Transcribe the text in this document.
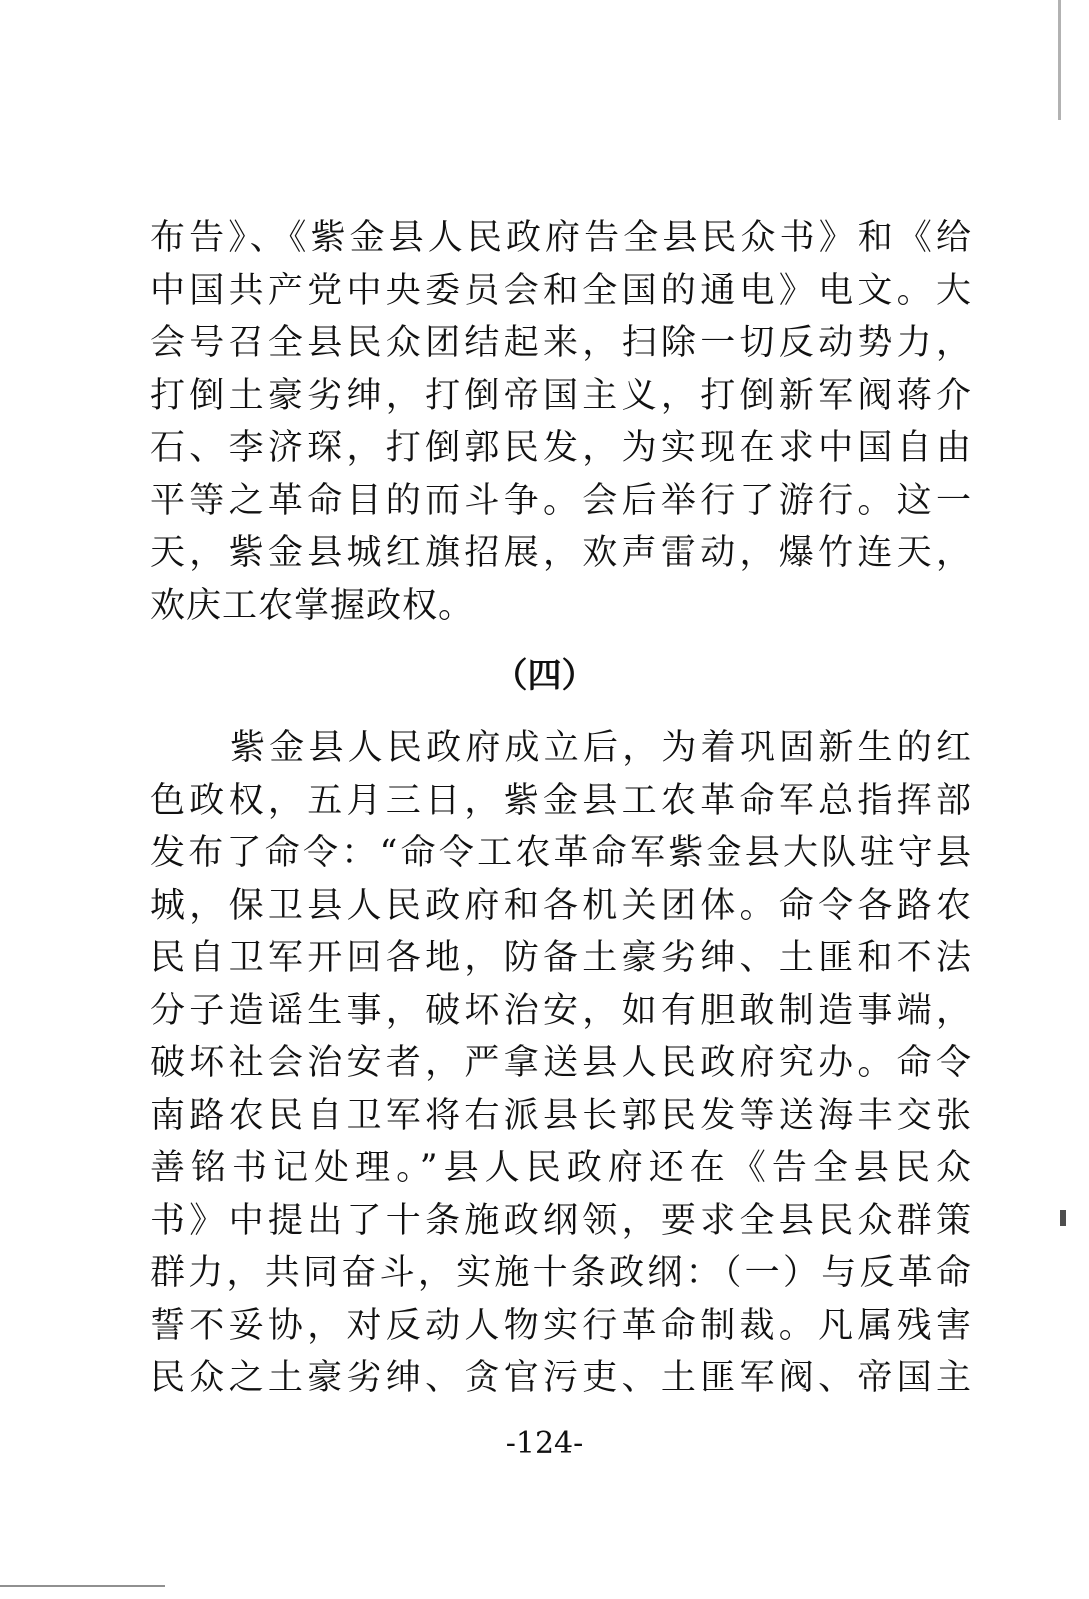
布告》、《紫金县人民政府告全县民众书》和《给
中国共产党中央委员会和全国的通电》电文。大
会号召全县民众团结起来，扫除一切反动势力，
打倒土豪劣绅，打倒帝国主义，打倒新军阀蒋介
石、李济琛，打倒郭民发，为实现在求中国自由
平等之革命目的而斗争。会后举行了游行。这一
天，紫金县城红旗招展，欢声雷动，爆竹连天，
欢庆工农掌握政权。
（四）
紫金县人民政府成立后，为着巩固新生的红
色政权，五月三日，紫金县工农革命军总指挥部
发布了命令：“命令工农革命军紫金县大队驻守县
城，保卫县人民政府和各机关团体。命令各路农
民自卫军开回各地，防备土豪劣绅、土匪和不法
分子造谣生事，破坏治安，如有胆敢制造事端，
破坏社会治安者，严拿送县人民政府究办。命令
南路农民自卫军将右派县长郭民发等送海丰交张
善铭书记处理。”县人民政府还在《告全县民众
书》中提出了十条施政纲领，要求全县民众群策
群力，共同奋斗，实施十条政纲：（一）与反革命
誓不妥协，对反动人物实行革命制裁。凡属残害
民众之土豪劣绅、贪官污吏、土匪军阀、帝国主
-124-
